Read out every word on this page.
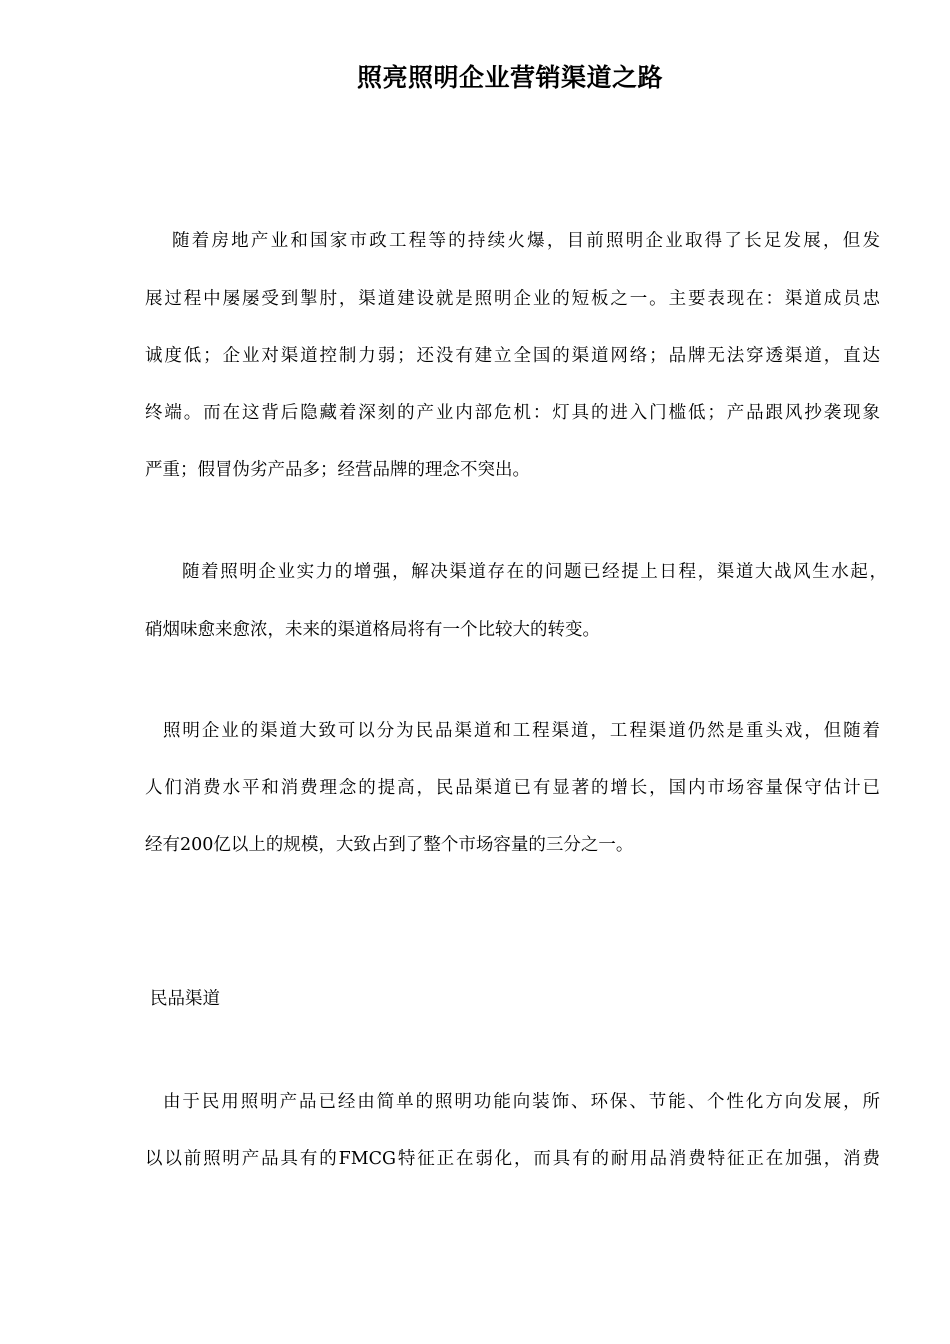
照亮照明企业营销渠道之路
随着房地产业和国家市政工程等的持续火爆，目前照明企业取得了长足发展，但发
展过程中屡屡受到掣肘，渠道建设就是照明企业的短板之一。主要表现在：渠道成员忠
诚度低；企业对渠道控制力弱；还没有建立全国的渠道网络；品牌无法穿透渠道，直达
终端。而在这背后隐藏着深刻的产业内部危机：灯具的进入门槛低；产品跟风抄袭现象
严重；假冒伪劣产品多；经营品牌的理念不突出。
随着照明企业实力的增强，解决渠道存在的问题已经提上日程，渠道大战风生水起，
硝烟味愈来愈浓，未来的渠道格局将有一个比较大的转变。
照明企业的渠道大致可以分为民品渠道和工程渠道，工程渠道仍然是重头戏，但随着
人们消费水平和消费理念的提高，民品渠道已有显著的增长，国内市场容量保守估计已
经有200亿以上的规模，大致占到了整个市场容量的三分之一。
民品渠道
由于民用照明产品已经由简单的照明功能向装饰、环保、节能、个性化方向发展，所
以以前照明产品具有的FMCG特征正在弱化，而具有的耐用品消费特征正在加强，消费
